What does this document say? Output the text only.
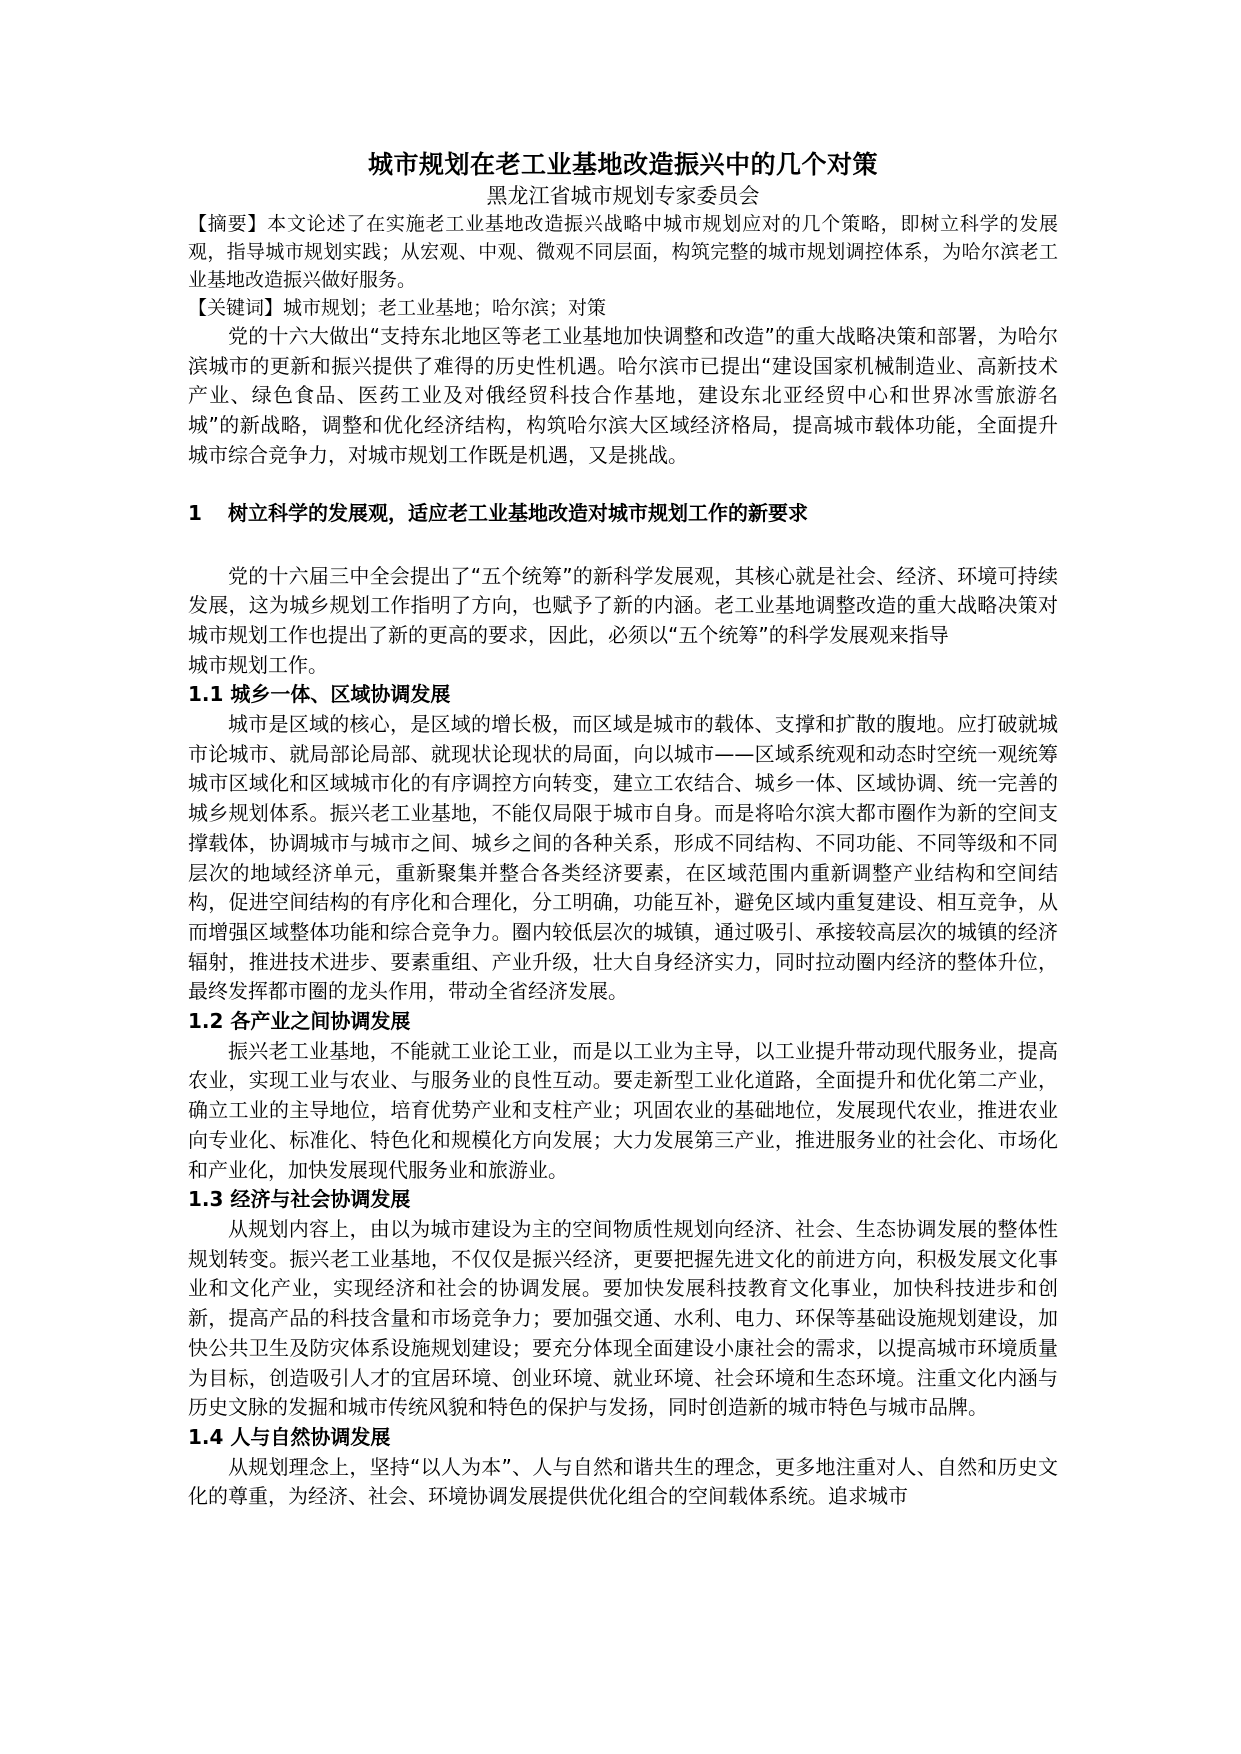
城市规划在老工业基地改造振兴中的几个对策
黑龙江省城市规划专家委员会

【摘要】本文论述了在实施老工业基地改造振兴战略中城市规划应对的几个策略，即树立科学的发展观，指导城市规划实践；从宏观、中观、微观不同层面，构筑完整的城市规划调控体系，为哈尔滨老工业基地改造振兴做好服务。

【关键词】城市规划；老工业基地；哈尔滨；对策

党的十六大做出“支持东北地区等老工业基地加快调整和改造”的重大战略决策和部署，为哈尔滨城市的更新和振兴提供了难得的历史性机遇。哈尔滨市已提出“建设国家机械制造业、高新技术产业、绿色食品、医药工业及对俄经贸科技合作基地，建设东北亚经贸中心和世界冰雪旅游名城”的新战略，调整和优化经济结构，构筑哈尔滨大区域经济格局，提高城市载体功能，全面提升城市综合竞争力，对城市规划工作既是机遇，又是挑战。

1 树立科学的发展观，适应老工业基地改造对城市规划工作的新要求

党的十六届三中全会提出了“五个统筹”的新科学发展观，其核心就是社会、经济、环境可持续发展，这为城乡规划工作指明了方向，也赋予了新的内涵。老工业基地调整改造的重大战略决策对城市规划工作也提出了新的更高的要求，因此，必须以“五个统筹”的科学发展观来指导

城市规划工作。

1.1 城乡一体、区域协调发展

城市是区域的核心，是区域的增长极，而区域是城市的载体、支撑和扩散的腹地。应打破就城市论城市、就局部论局部、就现状论现状的局面，向以城市——区域系统观和动态时空统一观统筹城市区域化和区域城市化的有序调控方向转变，建立工农结合、城乡一体、区域协调、统一完善的城乡规划体系。振兴老工业基地，不能仅局限于城市自身。而是将哈尔滨大都市圈作为新的空间支撑载体，协调城市与城市之间、城乡之间的各种关系，形成不同结构、不同功能、不同等级和不同层次的地域经济单元，重新聚集并整合各类经济要素，在区域范围内重新调整产业结构和空间结构，促进空间结构的有序化和合理化，分工明确，功能互补，避免区域内重复建设、相互竞争，从而增强区域整体功能和综合竞争力。圈内较低层次的城镇，通过吸引、承接较高层次的城镇的经济辐射，推进技术进步、要素重组、产业升级，壮大自身经济实力，同时拉动圈内经济的整体升位，最终发挥都市圈的龙头作用，带动全省经济发展。

1.2 各产业之间协调发展

振兴老工业基地，不能就工业论工业，而是以工业为主导，以工业提升带动现代服务业，提高农业，实现工业与农业、与服务业的良性互动。要走新型工业化道路，全面提升和优化第二产业，确立工业的主导地位，培育优势产业和支柱产业；巩固农业的基础地位，发展现代农业，推进农业向专业化、标准化、特色化和规模化方向发展；大力发展第三产业，推进服务业的社会化、市场化和产业化，加快发展现代服务业和旅游业。

1.3 经济与社会协调发展

从规划内容上，由以为城市建设为主的空间物质性规划向经济、社会、生态协调发展的整体性规划转变。振兴老工业基地，不仅仅是振兴经济，更要把握先进文化的前进方向，积极发展文化事业和文化产业，实现经济和社会的协调发展。要加快发展科技教育文化事业，加快科技进步和创新，提高产品的科技含量和市场竞争力；要加强交通、水利、电力、环保等基础设施规划建设，加快公共卫生及防灾体系设施规划建设；要充分体现全面建设小康社会的需求，以提高城市环境质量为目标，创造吸引人才的宜居环境、创业环境、就业环境、社会环境和生态环境。注重文化内涵与历史文脉的发掘和城市传统风貌和特色的保护与发扬，同时创造新的城市特色与城市品牌。

1.4 人与自然协调发展

从规划理念上，坚持“以人为本”、人与自然和谐共生的理念，更多地注重对人、自然和历史文化的尊重，为经济、社会、环境协调发展提供优化组合的空间载体系统。追求城市
